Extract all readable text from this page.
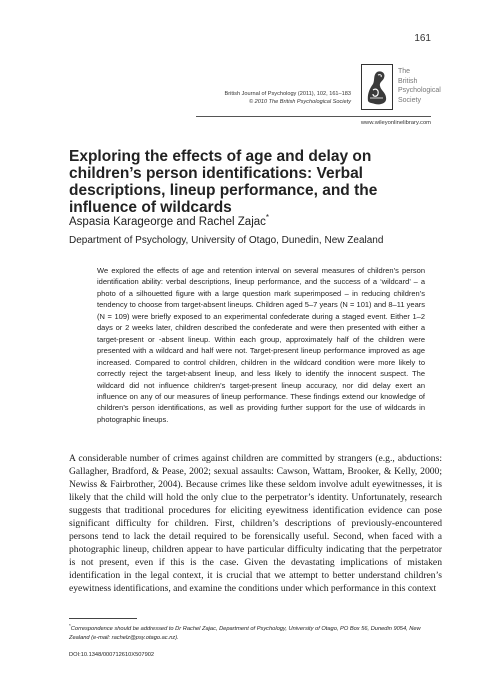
161
British Journal of Psychology (2011), 102, 161–183
© 2010 The British Psychological Society
The
British
Psychological
Society
www.wileyonlinelibrary.com
Exploring the effects of age and delay on children’s person identifications: Verbal descriptions, lineup performance, and the influence of wildcards
Aspasia Karageorge and Rachel Zajac*
Department of Psychology, University of Otago, Dunedin, New Zealand

We explored the effects of age and retention interval on several measures of children’s person identification ability: verbal descriptions, lineup performance, and the success of a ‘wildcard’ – a photo of a silhouetted figure with a large question mark superimposed – in reducing children’s tendency to choose from target-absent lineups. Children aged 5–7 years (N = 101) and 8–11 years (N = 109) were briefly exposed to an experimental confederate during a staged event. Either 1–2 days or 2 weeks later, children described the confederate and were then presented with either a target-present or -absent lineup. Within each group, approximately half of the children were presented with a wildcard and half were not. Target-present lineup performance improved as age increased. Compared to control children, children in the wildcard condition were more likely to correctly reject the target-absent lineup, and less likely to identify the innocent suspect. The wildcard did not influence children’s target-present lineup accuracy, nor did delay exert an influence on any of our measures of lineup performance. These findings extend our knowledge of children’s person identifications, as well as providing further support for the use of wildcards in photographic lineups.

A considerable number of crimes against children are committed by strangers (e.g., abductions: Gallagher, Bradford, & Pease, 2002; sexual assaults: Cawson, Wattam, Brooker, & Kelly, 2000; Newiss & Fairbrother, 2004). Because crimes like these seldom involve adult eyewitnesses, it is likely that the child will hold the only clue to the perpetrator’s identity. Unfortunately, research suggests that traditional procedures for eliciting eyewitness identification evidence can pose significant difficulty for children. First, children’s descriptions of previously-encountered persons tend to lack the detail required to be forensically useful. Second, when faced with a photographic lineup, children appear to have particular difficulty indicating that the perpetrator is not present, even if this is the case. Given the devastating implications of mistaken identification in the legal context, it is crucial that we attempt to better understand children’s eyewitness identifications, and examine the conditions under which performance in this context

*Correspondence should be addressed to Dr Rachel Zajac, Department of Psychology, University of Otago, PO Box 56, Dunedin 9054, New Zealand (e-mail: rachelz@psy.otago.ac.nz).

DOI:10.1348/000712610X507902
